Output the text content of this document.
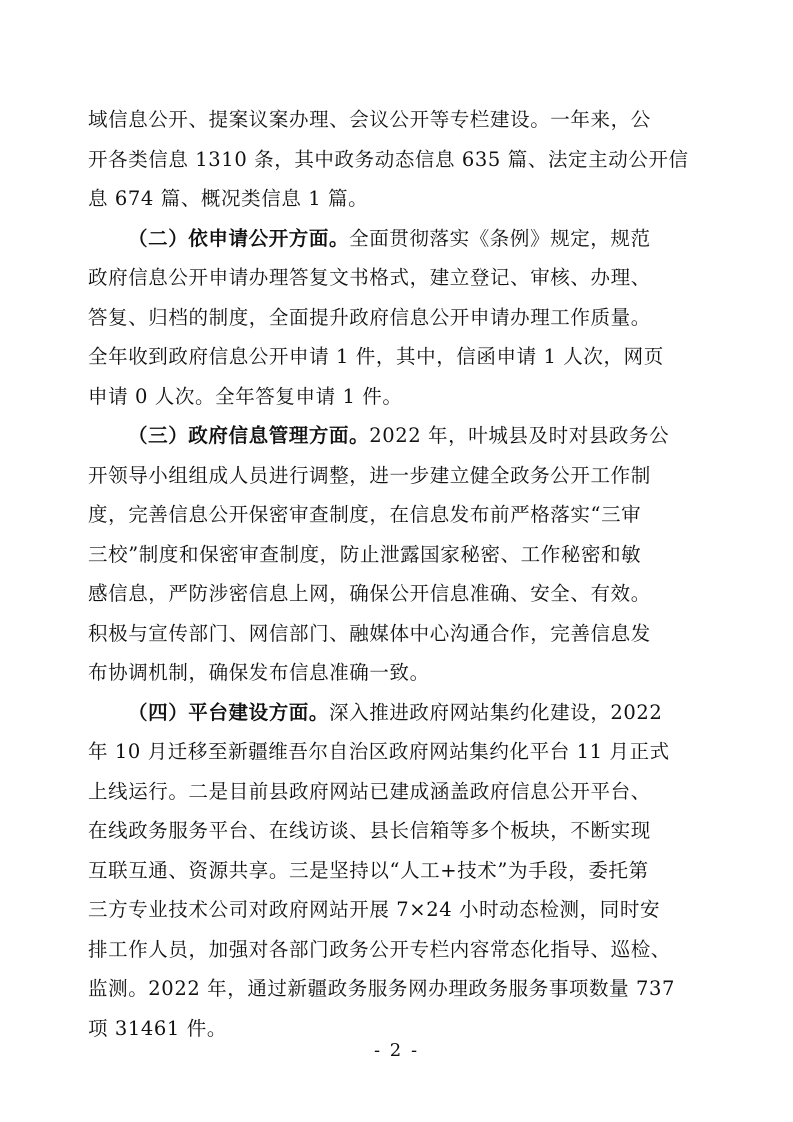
域信息公开、提案议案办理、会议公开等专栏建设。一年来，公
开各类信息 1310 条，其中政务动态信息 635 篇、法定主动公开信
息 674 篇、概况类信息 1 篇。
（二）依申请公开方面。全面贯彻落实《条例》规定，规范
政府信息公开申请办理答复文书格式，建立登记、审核、办理、
答复、归档的制度，全面提升政府信息公开申请办理工作质量。
全年收到政府信息公开申请 1 件，其中，信函申请 1 人次，网页
申请 0 人次。全年答复申请 1 件。
（三）政府信息管理方面。2022 年，叶城县及时对县政务公
开领导小组组成人员进行调整，进一步建立健全政务公开工作制
度，完善信息公开保密审查制度，在信息发布前严格落实“三审
三校”制度和保密审查制度，防止泄露国家秘密、工作秘密和敏
感信息，严防涉密信息上网，确保公开信息准确、安全、有效。
积极与宣传部门、网信部门、融媒体中心沟通合作，完善信息发
布协调机制，确保发布信息准确一致。
（四）平台建设方面。深入推进政府网站集约化建设，2022
年 10 月迁移至新疆维吾尔自治区政府网站集约化平台 11 月正式
上线运行。二是目前县政府网站已建成涵盖政府信息公开平台、
在线政务服务平台、在线访谈、县长信箱等多个板块，不断实现
互联互通、资源共享。三是坚持以“人工+技术”为手段，委托第
三方专业技术公司对政府网站开展 7×24 小时动态检测，同时安
排工作人员，加强对各部门政务公开专栏内容常态化指导、巡检、
监测。2022 年，通过新疆政务服务网办理政务服务事项数量 737
项 31461 件。
- 2 -
